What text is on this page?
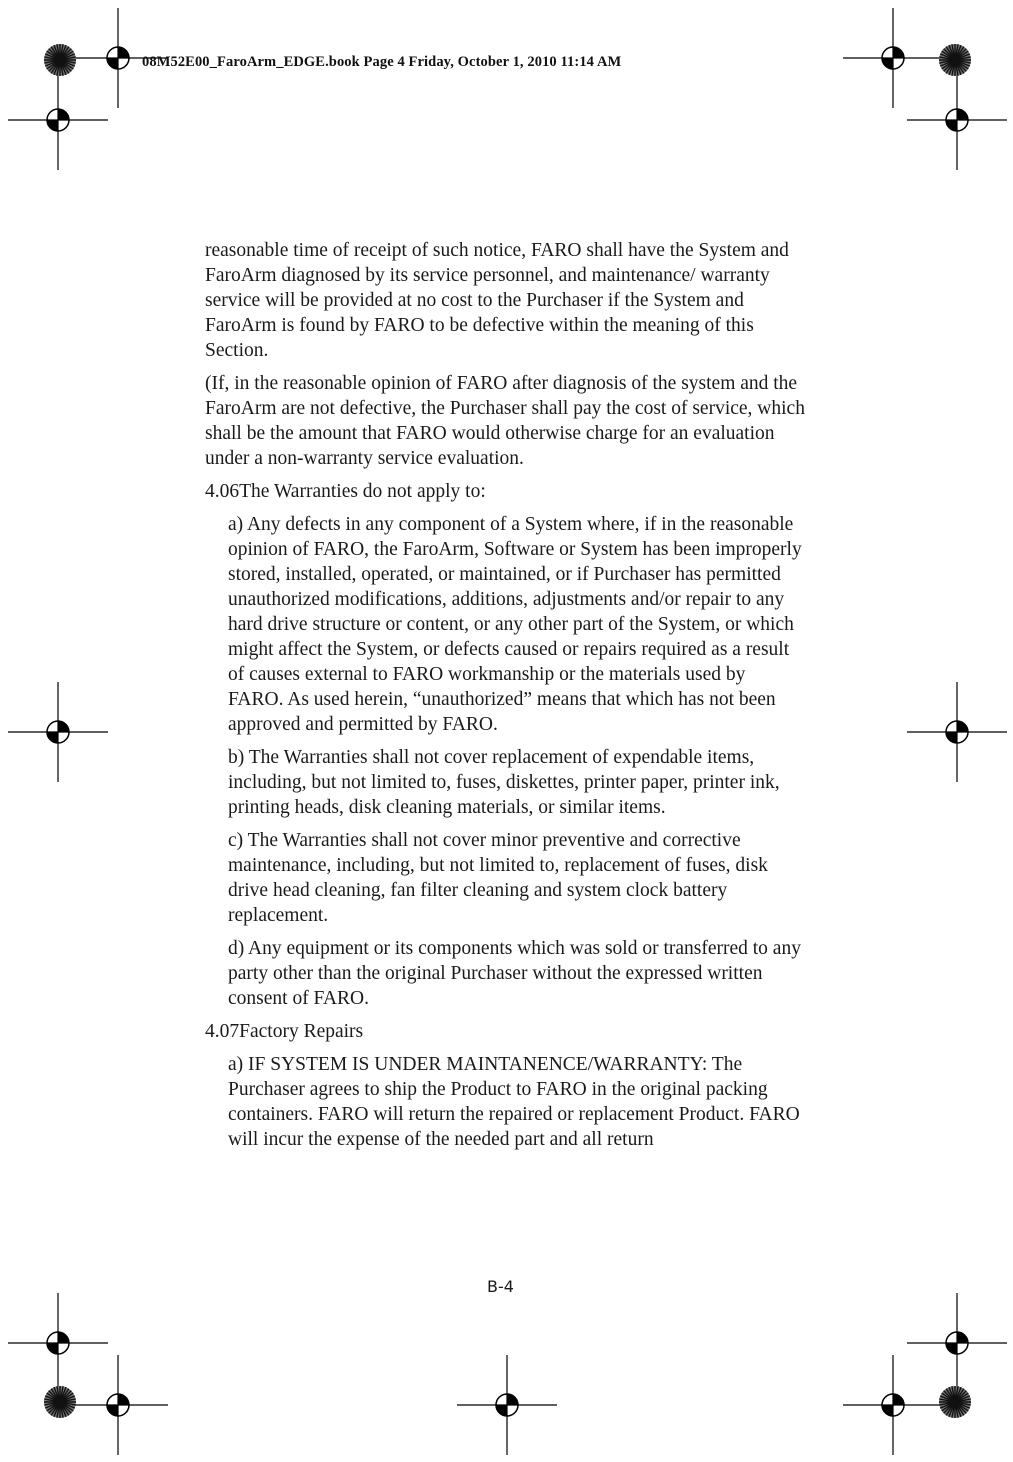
08M52E00_FaroArm_EDGE.book Page 4 Friday, October 1, 2010 11:14 AM

reasonable time of receipt of such notice, FARO shall have the System and FaroArm diagnosed by its service personnel, and maintenance/ warranty service will be provided at no cost to the Purchaser if the System and FaroArm is found by FARO to be defective within the meaning of this Section.

(If, in the reasonable opinion of FARO after diagnosis of the system and the FaroArm are not defective, the Purchaser shall pay the cost of service, which shall be the amount that FARO would otherwise charge for an evaluation under a non-warranty service evaluation.

4.06The Warranties do not apply to:

a) Any defects in any component of a System where, if in the reasonable opinion of FARO, the FaroArm, Software or System has been improperly stored, installed, operated, or maintained, or if Purchaser has permitted unauthorized modifications, additions, adjustments and/or repair to any hard drive structure or content, or any other part of the System, or which might affect the System, or defects caused or repairs required as a result of causes external to FARO workmanship or the materials used by FARO. As used herein, “unauthorized” means that which has not been approved and permitted by FARO.

b) The Warranties shall not cover replacement of expendable items, including, but not limited to, fuses, diskettes, printer paper, printer ink, printing heads, disk cleaning materials, or similar items.

c) The Warranties shall not cover minor preventive and corrective maintenance, including, but not limited to, replacement of fuses, disk drive head cleaning, fan filter cleaning and system clock battery replacement.

d) Any equipment or its components which was sold or transferred to any party other than the original Purchaser without the expressed written consent of FARO.

4.07Factory Repairs

a) IF SYSTEM IS UNDER MAINTANENCE/WARRANTY: The Purchaser agrees to ship the Product to FARO in the original packing containers. FARO will return the repaired or replacement Product. FARO will incur the expense of the needed part and all return

B-4
